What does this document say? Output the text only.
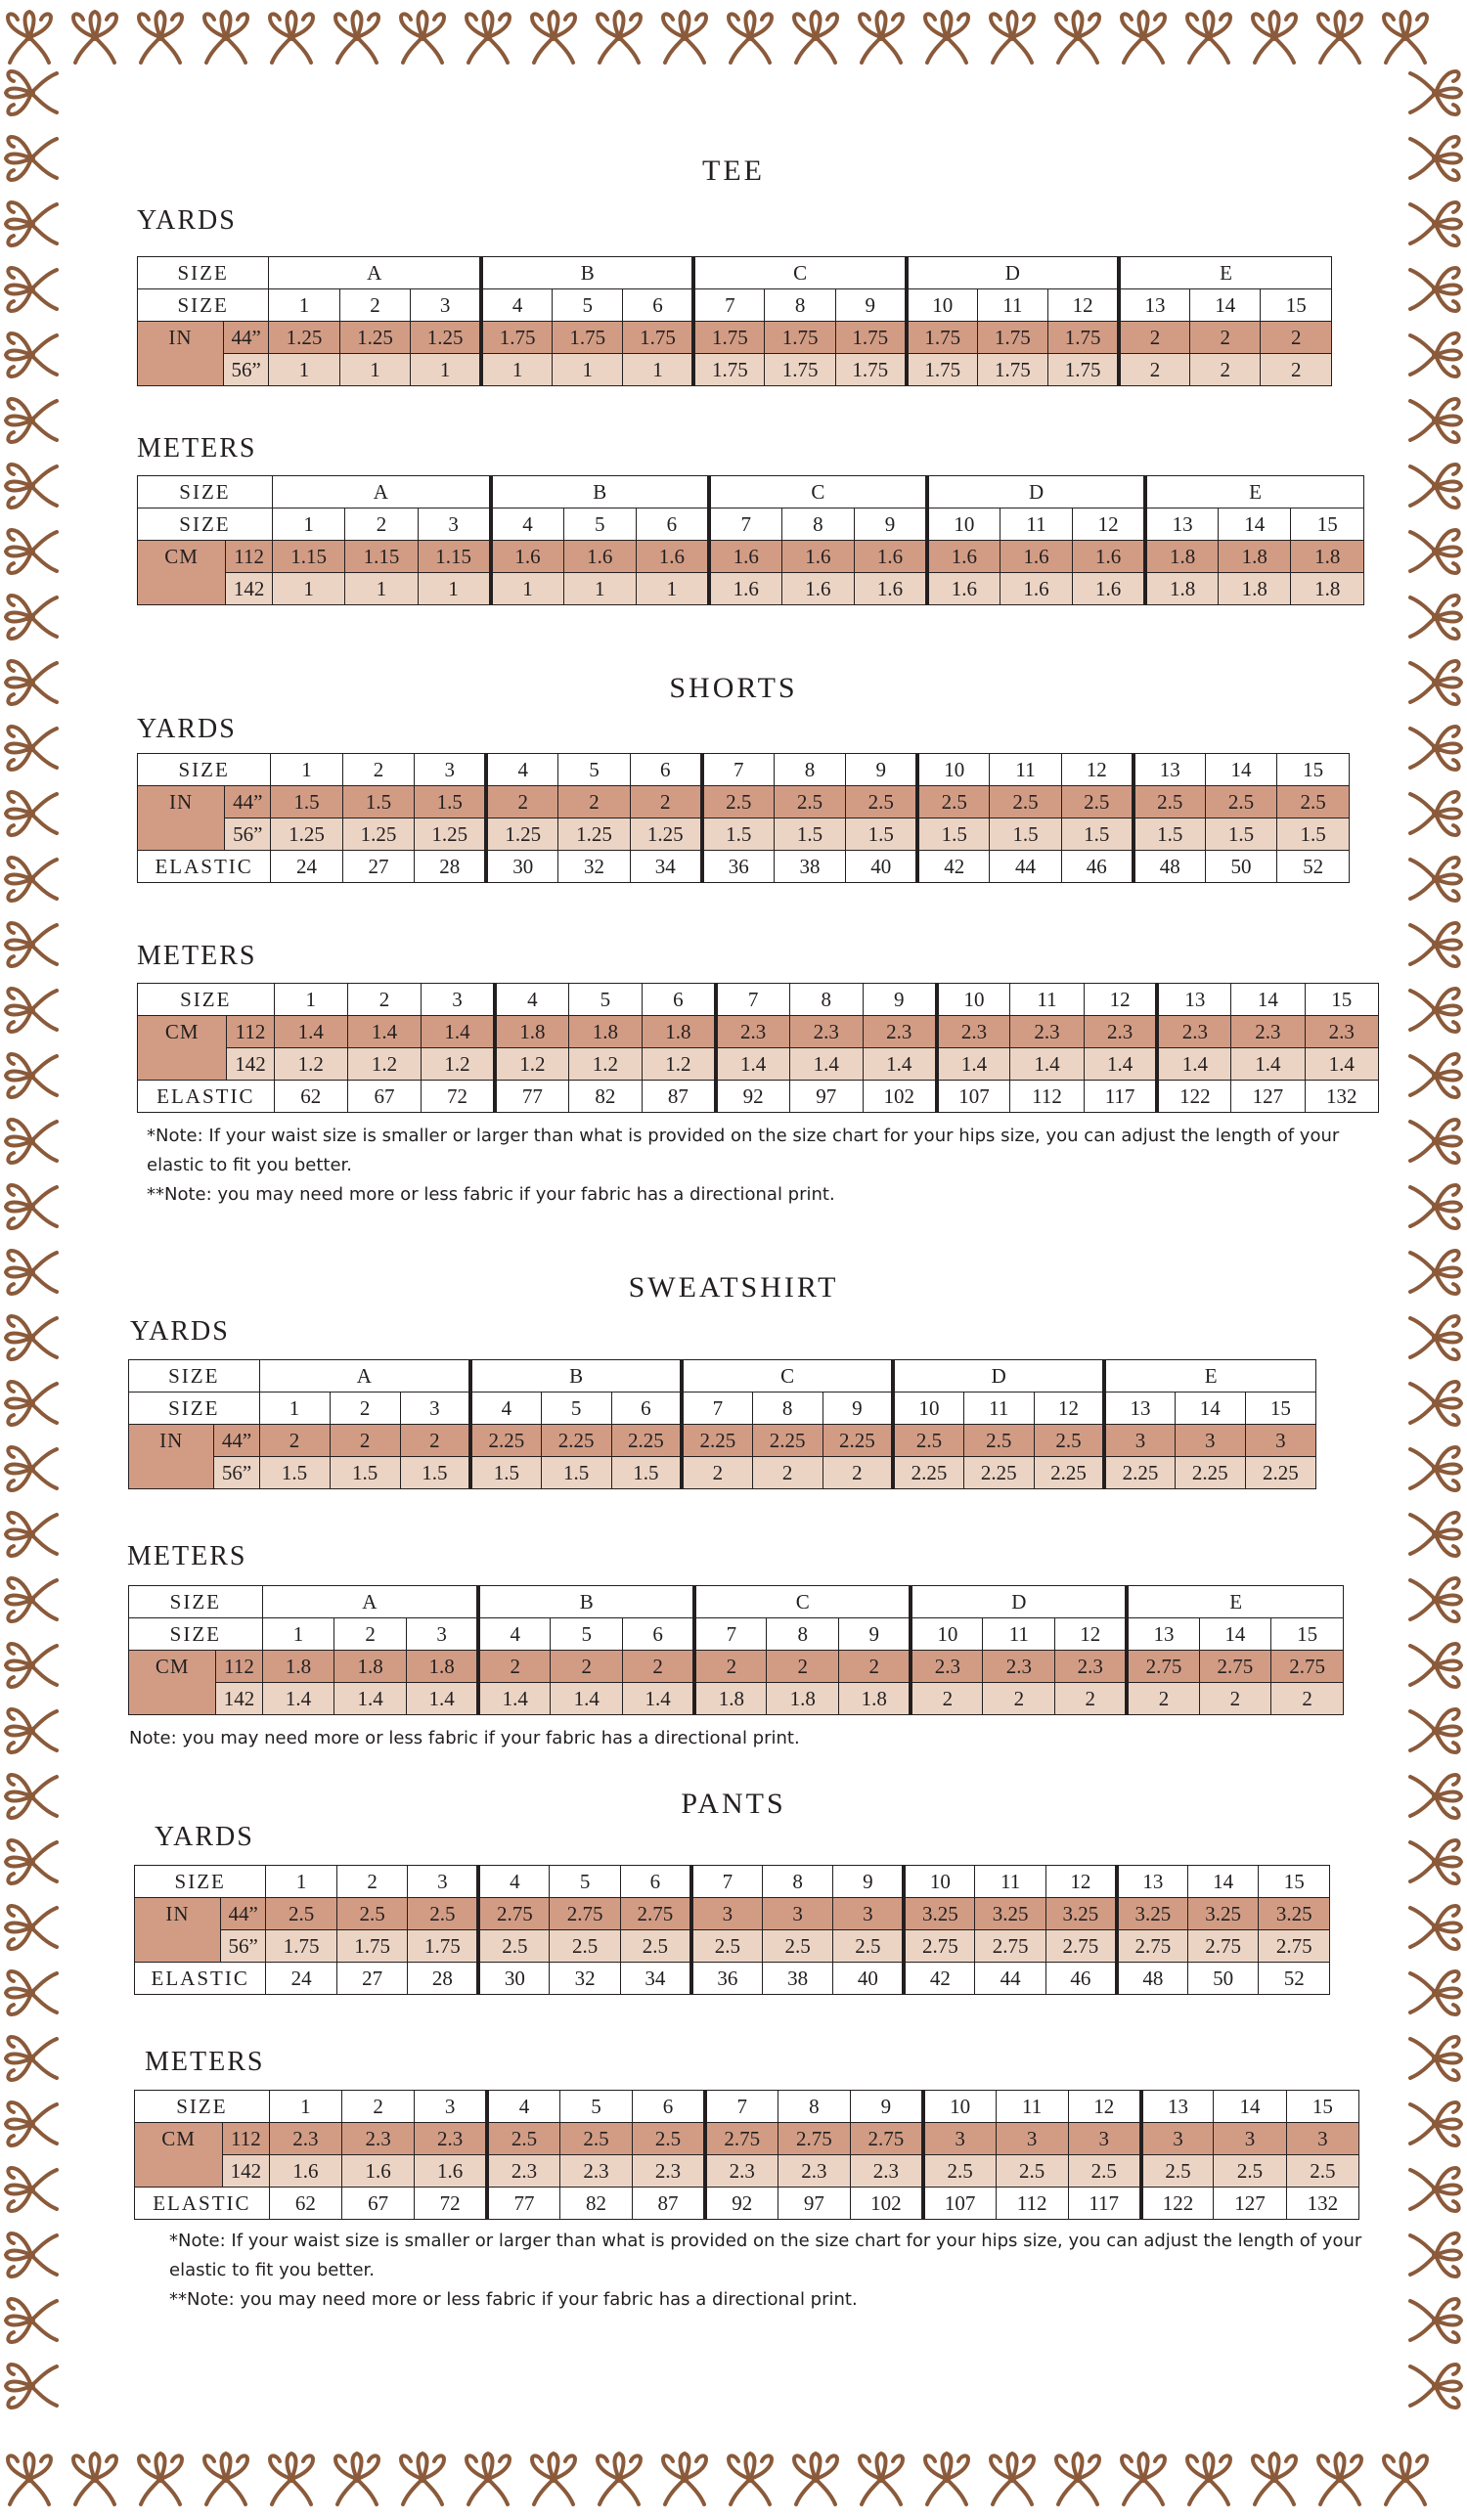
TEE
YARDS
SIZE		A			B			C			D			E		
SIZE		1	2	3	4	5	6	7	8	9	10	11	12	13	14	15
IN	44”	1.25	1.25	1.25	1.75	1.75	1.75	1.75	1.75	1.75	1.75	1.75	1.75	2	2	2
	56”	1	1	1	1	1	1	1.75	1.75	1.75	1.75	1.75	1.75	2	2	2
METERS
SIZE		A			B			C			D			E		
SIZE		1	2	3	4	5	6	7	8	9	10	11	12	13	14	15
CM	112	1.15	1.15	1.15	1.6	1.6	1.6	1.6	1.6	1.6	1.6	1.6	1.6	1.8	1.8	1.8
	142	1	1	1	1	1	1	1.6	1.6	1.6	1.6	1.6	1.6	1.8	1.8	1.8
SHORTS
YARDS
SIZE		1	2	3	4	5	6	7	8	9	10	11	12	13	14	15
IN	44”	1.5	1.5	1.5	2	2	2	2.5	2.5	2.5	2.5	2.5	2.5	2.5	2.5	2.5
	56”	1.25	1.25	1.25	1.25	1.25	1.25	1.5	1.5	1.5	1.5	1.5	1.5	1.5	1.5	1.5
ELASTIC		24	27	28	30	32	34	36	38	40	42	44	46	48	50	52
METERS
SIZE		1	2	3	4	5	6	7	8	9	10	11	12	13	14	15
CM	112	1.4	1.4	1.4	1.8	1.8	1.8	2.3	2.3	2.3	2.3	2.3	2.3	2.3	2.3	2.3
	142	1.2	1.2	1.2	1.2	1.2	1.2	1.4	1.4	1.4	1.4	1.4	1.4	1.4	1.4	1.4
ELASTIC		62	67	72	77	82	87	92	97	102	107	112	117	122	127	132

*Note: If your waist size is smaller or larger than what is provided on the size chart for your hips size, you can adjust the length of your elastic to fit you better.

**Note: you may need more or less fabric if your fabric has a directional print.

SWEATSHIRT
YARDS
SIZE		A			B			C			D			E		
SIZE		1	2	3	4	5	6	7	8	9	10	11	12	13	14	15
IN	44”	2	2	2	2.25	2.25	2.25	2.25	2.25	2.25	2.5	2.5	2.5	3	3	3
	56”	1.5	1.5	1.5	1.5	1.5	1.5	2	2	2	2.25	2.25	2.25	2.25	2.25	2.25
METERS
SIZE		A			B			C			D			E		
SIZE		1	2	3	4	5	6	7	8	9	10	11	12	13	14	15
CM	112	1.8	1.8	1.8	2	2	2	2	2	2	2.3	2.3	2.3	2.75	2.75	2.75
	142	1.4	1.4	1.4	1.4	1.4	1.4	1.8	1.8	1.8	2	2	2	2	2	2

Note: you may need more or less fabric if your fabric has a directional print.

PANTS
YARDS
SIZE		1	2	3	4	5	6	7	8	9	10	11	12	13	14	15
IN	44”	2.5	2.5	2.5	2.75	2.75	2.75	3	3	3	3.25	3.25	3.25	3.25	3.25	3.25
	56”	1.75	1.75	1.75	2.5	2.5	2.5	2.5	2.5	2.5	2.75	2.75	2.75	2.75	2.75	2.75
ELASTIC		24	27	28	30	32	34	36	38	40	42	44	46	48	50	52
METERS
SIZE		1	2	3	4	5	6	7	8	9	10	11	12	13	14	15
CM	112	2.3	2.3	2.3	2.5	2.5	2.5	2.75	2.75	2.75	3	3	3	3	3	3
	142	1.6	1.6	1.6	2.3	2.3	2.3	2.3	2.3	2.3	2.5	2.5	2.5	2.5	2.5	2.5
ELASTIC		62	67	72	77	82	87	92	97	102	107	112	117	122	127	132

*Note: If your waist size is smaller or larger than what is provided on the size chart for your hips size, you can adjust the length of your elastic to fit you better.

**Note: you may need more or less fabric if your fabric has a directional print.
